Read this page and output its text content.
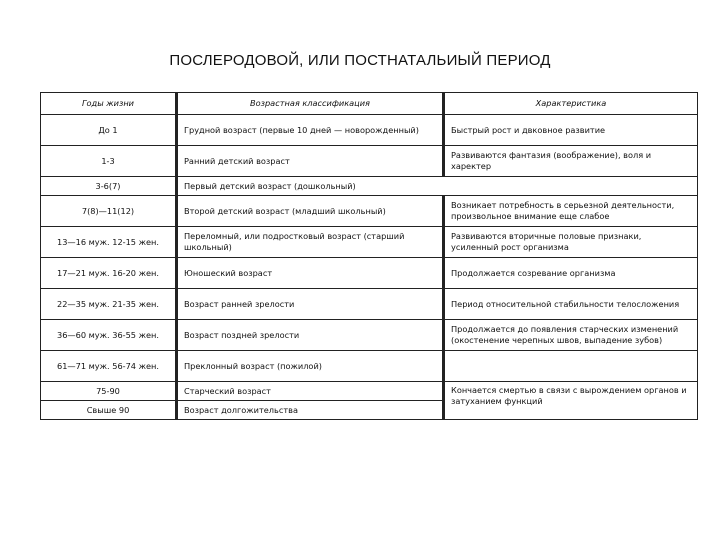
ПОСЛЕРОДОВОЙ, ИЛИ ПОСТНАТАЛЬИЫЙ ПЕРИОД
Годы жизни	Возрастная классификация	Характеристика
До 1	Грудной возраст (первые 10 дней — новорожденный)	Быстрый рост и двковное развитие
1-3	Ранний детский возраст	Развиваются фантазия (воображение), воля и харектер
3-6(7)	Первый детский возраст (дошкольный)	
7(8)—11(12)	Второй детский возраст (младший школьный)	Возникает потребность в серьезной деятельности, произвольное внимание еще слабое
13—16 муж. 12-15 жен.	Переломный, или подростковый возраст (старший школьный)	Развиваются вторичные половые признаки, усиленный рост организма
17—21 муж. 16-20 жен.	Юношеский возраст	Продолжается созревание организма
22—35 муж. 21-35 жен.	Возраст ранней зрелости	Период относительной стабильности телосложения
36—60 муж. 36-55 жен.	Возраст поздней зрелости	Продолжается до появления старческих изменений (окостенение черепных швов, выпадение зубов)
61—71 муж. 56-74 жен.	Преклонный возраст (пожилой)	
75-90	Старческий возраст	Кончается смертью в связи с вырождением органов и затуханием функций
Свыше 90	Возраст долгожительства	
